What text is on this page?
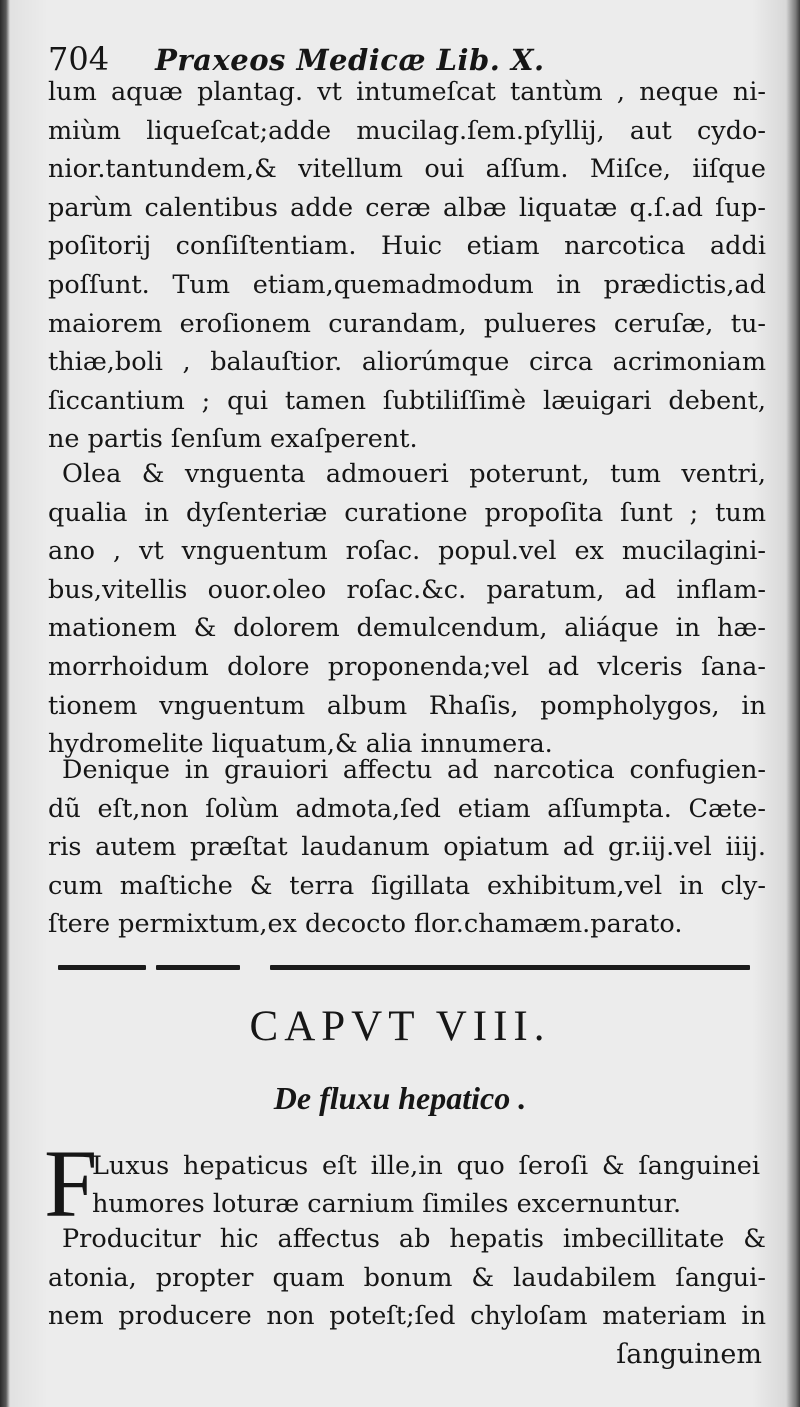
704 Praxeos Medicæ Lib. X.
lum aquæ plantag. vt intumeſcat tantùm , neque ni-
miùm liqueſcat;adde mucilag.ſem.pſyllij, aut cydo-
nior.tantundem,& vitellum oui aſſum. Miſce, iiſque
parùm calentibus adde ceræ albæ liquatæ q.ſ.ad ſup-
poſitorij conſiſtentiam. Huic etiam narcotica addi
poſſunt. Tum etiam,quemadmodum in prædictis,ad
maiorem eroſionem curandam, pulueres ceruſæ, tu-
thiæ,boli , balauſtior. aliorúmque circa acrimoniam
ſiccantium ; qui tamen ſubtiliſſimè læuigari debent,
ne partis ſenſum exaſperent.
Olea & vnguenta admoueri poterunt, tum ventri,
qualia in dyſenteriæ curatione propoſita ſunt ; tum
ano , vt vnguentum roſac. popul.vel ex mucilagini-
bus,vitellis ouor.oleo roſac.&c. paratum, ad inflam-
mationem & dolorem demulcendum, aliáque in hæ-
morrhoidum dolore proponenda;vel ad vlceris ſana-
tionem vnguentum album Rhaſis, pompholygos, in
hydromelite liquatum,& alia innumera.
Denique in grauiori affectu ad narcotica confugien-
dũ eſt,non ſolùm admota,ſed etiam aſſumpta. Cæte-
ris autem præſtat laudanum opiatum ad gr.iij.vel iiij.
cum maſtiche & terra ſigillata exhibitum,vel in cly-
ſtere permixtum,ex decocto flor.chamæm.parato.
CAPVT VIII.
De fluxu hepatico .
F
Luxus hepaticus eſt ille,in quo ſeroſi & ſanguinei
humores loturæ carnium ſimiles excernuntur.
Producitur hic affectus ab hepatis imbecillitate &
atonia, propter quam bonum & laudabilem ſangui-
nem producere non poteſt;ſed chyloſam materiam in
ſanguinem
